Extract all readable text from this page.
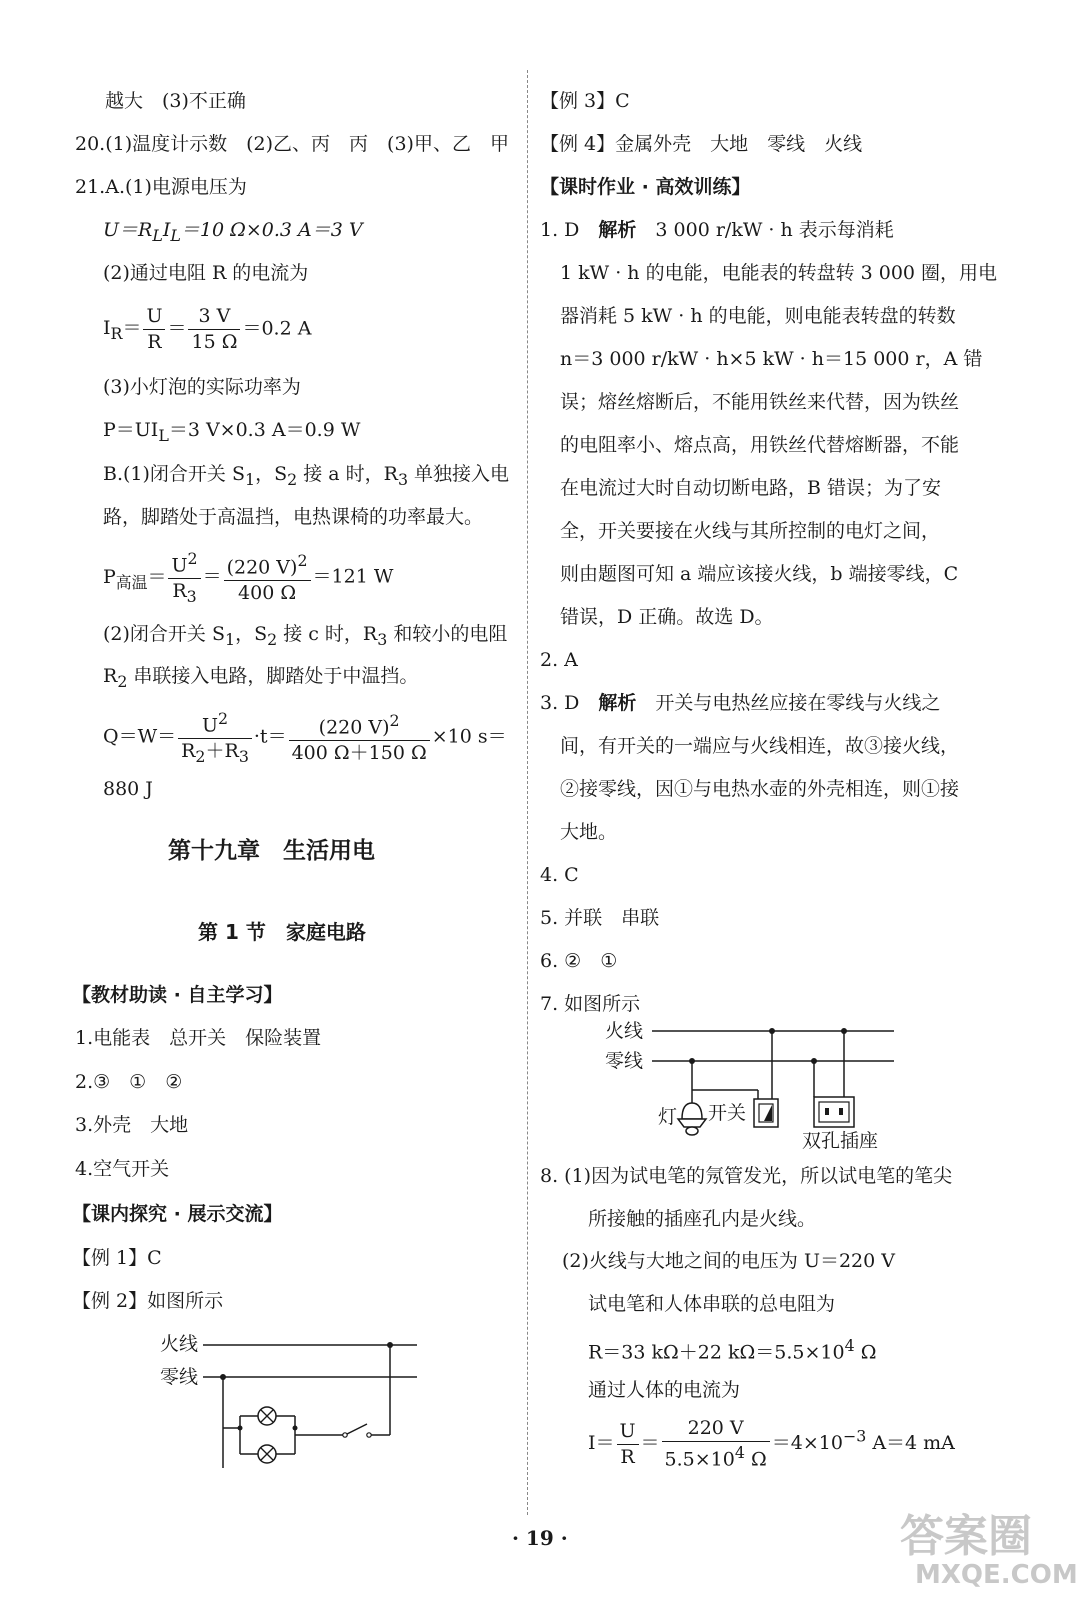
越大　(3)不正确
20.(1)温度计示数　(2)乙、丙　丙　(3)甲、乙　甲
21.A.(1)电源电压为
$U=R_LI_L=10$ Ω×0.3 A＝3 V
(2)通过电阻 R 的电流为
$I_R= \frac{U}{R} = \frac{3 V}{15 \Omega} =0.2$ A
(3)小灯泡的实际功率为
$P=UI_L=3$ V×0.3 A＝0.9 W
B.(1)闭合开关 $S_1$，$S_2$ 接 a 时，$R_3$ 单独接入电
路，脚踏处于高温挡，电热课椅的功率最大。
$P_{高温}= \frac{U^2}{R_3} = \frac{(220 V)^2}{400 \Omega} =121$ W
(2)闭合开关 $S_1$，$S_2$ 接 c 时，$R_3$ 和较小的电阻
$R_2$ 串联接入电路，脚踏处于中温挡。
$Q=W= \frac{U^2}{R_2+R_3} \cdot t= \frac{(220 V)^2}{400 \Omega+150 \Omega} \times 10$ s＝
880 J
第十九章　生活用电
第 1 节　家庭电路
【教材助读 · 自主学习】
1.电能表　总开关　保险装置
2.③　①　②
3.外壳　大地
4.空气开关
【课内探究 · 展示交流】
【例 1】C
【例 2】如图所示
火线
零线
【例 3】C
【例 4】金属外壳　大地　零线　火线
【课时作业 · 高效训练】
1. D　解析　3 000 r/kW · h 表示每消耗
1 kW · h 的电能，电能表的转盘转 3 000 圈，用电
器消耗 5 kW · h 的电能，则电能表转盘的转数
n＝3 000 r/kW · h×5 kW · h＝15 000 r，A 错
误；熔丝熔断后，不能用铁丝来代替，因为铁丝
的电阻率小、熔点高，用铁丝代替熔断器，不能
在电流过大时自动切断电路，B 错误；为了安
全，开关要接在火线与其所控制的电灯之间，
则由题图可知 a 端应该接火线，b 端接零线，C
错误，D 正确。故选 D。
2. A
3. D　解析　开关与电热丝应接在零线与火线之
间，有开关的一端应与火线相连，故③接火线，
②接零线，因①与电热水壶的外壳相连，则①接
大地。
4. C
5. 并联　串联
6. ②　①
7. 如图所示
火线
零线
灯 开关
双孔插座
8. (1)因为试电笔的氖管发光，所以试电笔的笔尖
所接触的插座孔内是火线。
(2)火线与大地之间的电压为 U＝220 V
试电笔和人体串联的总电阻为
R＝33 kΩ＋22 $k\Omega=5.5\times 10^4$ Ω
通过人体的电流为
$I= \frac{U}{R} = \frac{220 V}{5.5\times 10^4 \Omega} =4\times 10^{-3}$ A＝4 mA
· 19 ·	答案圈
MXQE.COM
